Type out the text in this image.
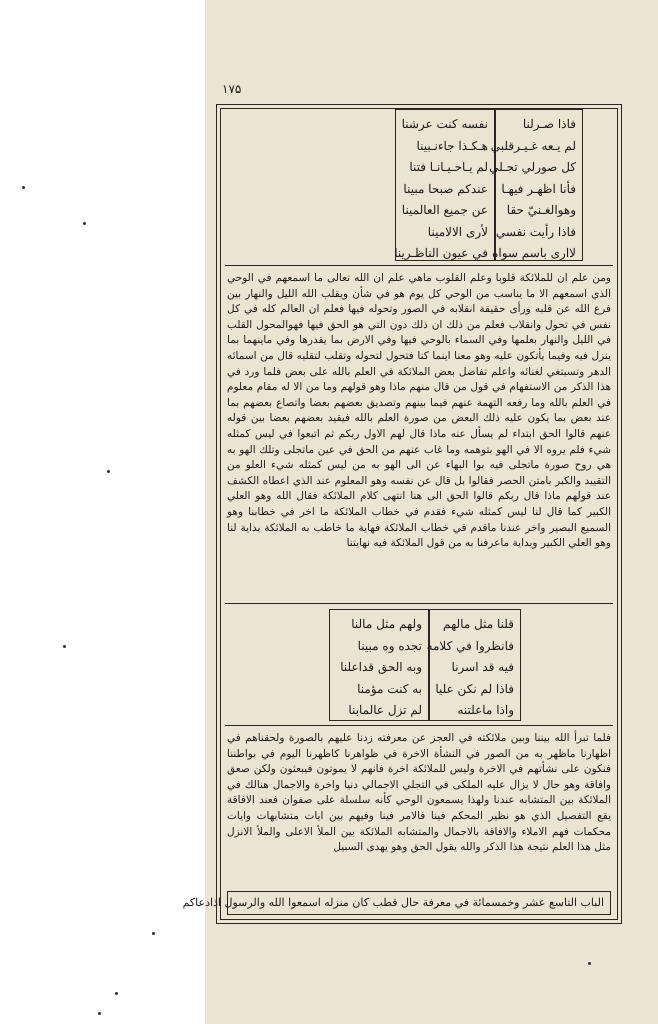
۱۷۵
فاذا صـرلنا
لم يـعه غـيـرقلبي
كل صورلي تجـلي
فأنا اظهـر فيهـا
وهوالغـنيّ حقا
فاذا رأيت نفسي
لاارى باسم سواه
نفسه كنت عرشنا
هـكـذا جاءنـبينا
لم يـاحـيـانـا فتنا
عندكم صبحا مبينا
عن جميع العالمينا
لأرى الالامينا
في عيون الناظـرينا
ومن علم ان للملائكة قلوبا وعلم القلوب ماهي علم ان الله تعالى ما اسمعهم في الوحي الذي اسمعهم الا ما يناسب من الوحي كل يوم هو في شأن ويقلب الله الليل والنهار بين فرع الله عن قلبه ورأى حقيقة انقلابه في الصور وتحوله فيها فعلم ان العالم كله في كل نفس في تحول وانقلاب فعلم من ذلك ان ذلك دون التي هو الحق فيها فهوالمحول القلب في الليل والنهار بعلمها وفي السماء بالوحي فيها وفي الارض بما يقدرها وفي ماينهما بما ينزل فيه وفيما يأتكون عليه وهو معنا اينما كنا فتحول لتحوله وتقلب لتقلبه قال من اسمائه الدهر وتسبتغي لغنائه واعلم تفاضل بعض الملائكة في العلم بالله على بعض فلما ورد في هذا الذكر من الاستفهام في قول من قال منهم ماذا وهو قولهم وما من الا له مقام معلوم في العلم بالله وما رفعه التهمة عنهم فيما بينهم وتصديق بعضهم بعضا واتصاع بعضهم بما عند بعض بما يكون عليه ذلك البعض من صورة العلم بالله فيقيد بعضهم بعضا بين قوله عنهم قالوا الحق ابتداء لم يسأل عنه ماذا قال لهم الاول ربكم ثم اتبعوا في ليس كمثله شيء فلم يروه الا في الهو بتوهمه وما غاب عنهم من الحق في عين ماتجلى وتلك الهو به هي روح صورة ماتجلى فيه بوا البهاء عن الى الهو به من ليس كمثله شيء العلو من التقييد والكبر بامتن الحصر فقالوا بل قال عن نفسه وهو المعلوم عند الذي اعطاه الكشف عند قولهم ماذا قال ربكم قالوا الحق الى هنا انتهى كلام الملائكة فقال الله وهو العلي الكبير كما قال لنا ليس كمثله شيء فقدم في خطاب الملائكة ما اخر في خطابنا وهو السميع البصير واخر عندنا ماقدم في خطاب الملائكة فهاية ما خاطب به الملائكة بداية لنا وهو العلي الكبير وبداية ماعرفنا به من قول الملائكة فيه نهايتنا
قلنا مثل مالهم
فانظروا في كلامه
فيه قد اسرنا
فاذا لم نكن عليا
واذا ماعلتنه
ولهم مثل مالنا
تجده وه مبينا
وبه الحق قداعلنا
به كنت مؤمنا
لم تزل عالمابنا
فلما تبرأ الله بيننا وبين ملائكته في العجز عن معرفته زدنا عليهم بالصورة ولحقناهم في اظهارنا ماظهر به من الصور في النشأة الاخرة في ظواهرنا كاظهرنا اليوم في بواطننا فنكون على نشأتهم في الاخرة وليس للملائكة اخرة فانهم لا يموتون فيبعثون ولكن صعق وافاقة وهو حال لا يزال عليه الملكى في التجلي الاجمالي دنيا واخرة والاجمال هنالك في الملائكة بين المتشابه عندنا ولهذا يسمعون الوحي كأنه سلسلة على صفوان فعند الافاقة يقع التفصيل الذي هو نظير المحكم فينا فالامر فينا وفيهم بين ايات متشابهات وايات محكمات فهم الاملاء والافاقة بالاجمال والمتشابه الملائكة بين الملأ الاعلى والملأ الانزل مثل هذا العلم نتيجة هذا الذكر والله يقول الحق وهو يهدى السبيل
الباب التاسع عشر وخمسمائة في معرفة حال قطب كان منزله اسمعوا الله والرسول اذادعاكم
